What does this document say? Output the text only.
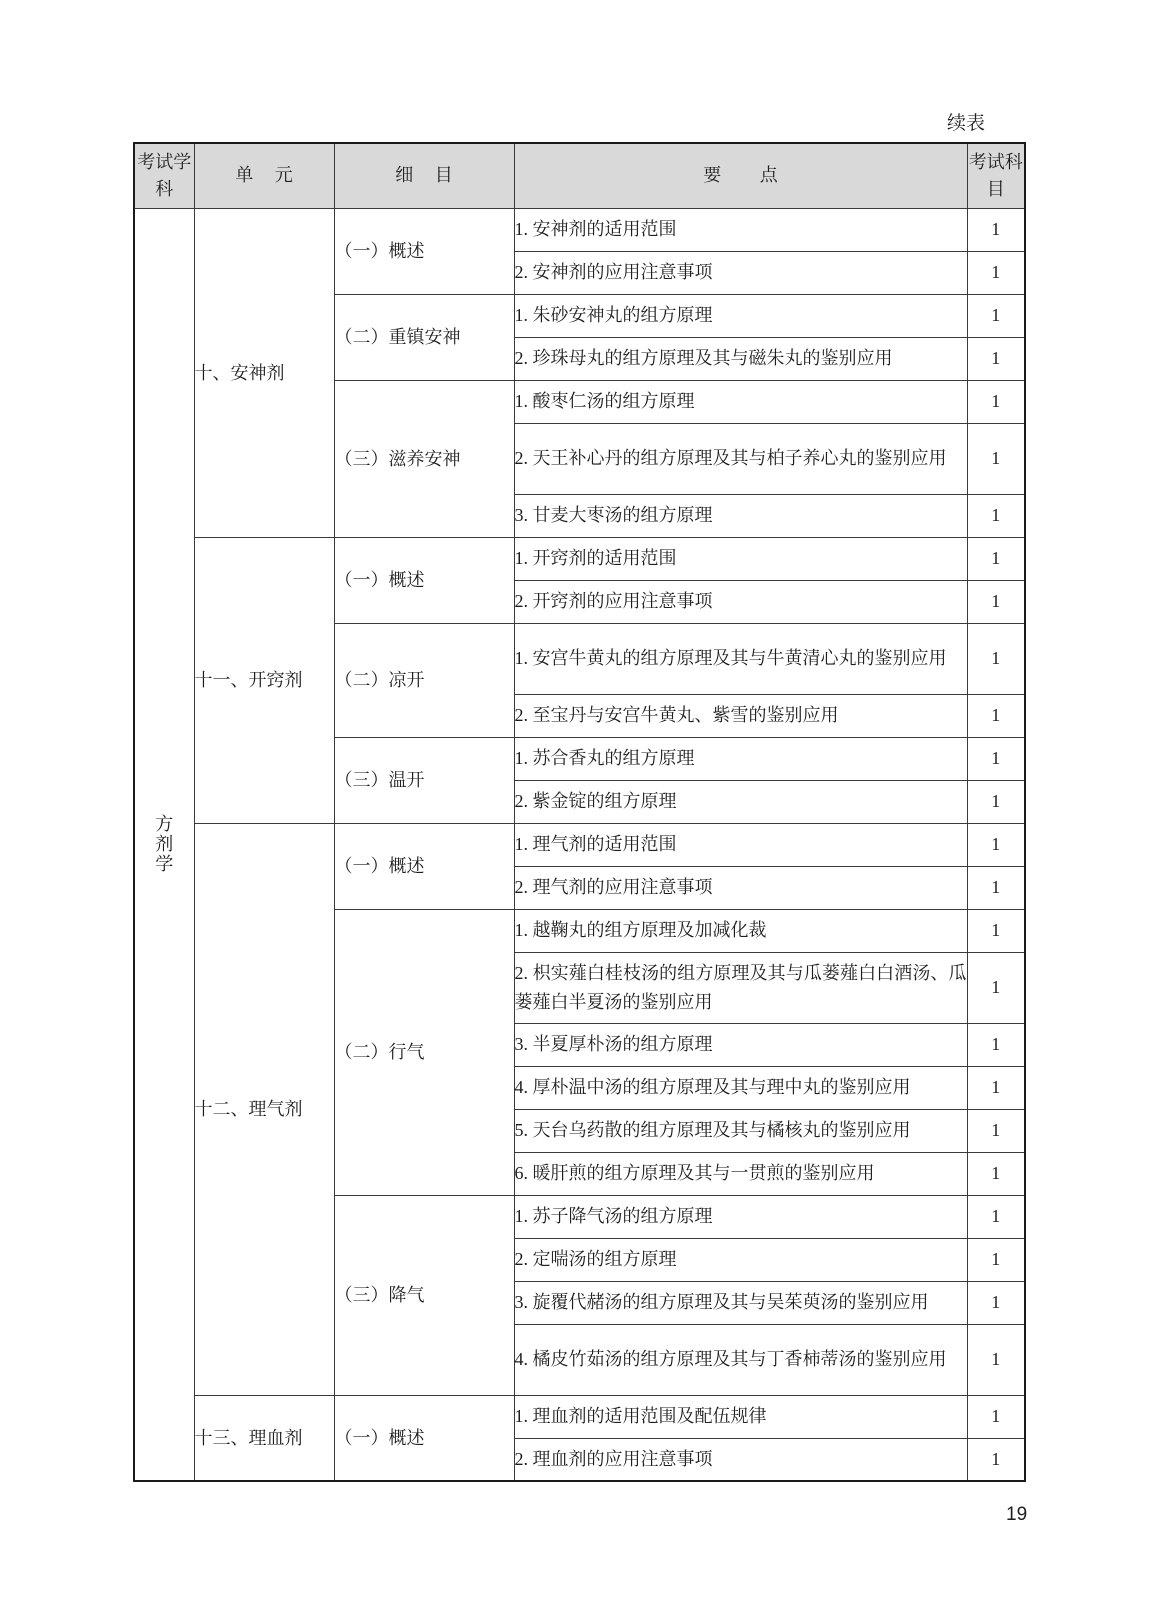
续表
考试学科	单 元	细 目	要 点	考试科目

方剂学	十、安神剂	（一）概述	1. 安神剂的适用范围	1
			2. 安神剂的应用注意事项	1
		（二）重镇安神	1. 朱砂安神丸的组方原理	1
			2. 珍珠母丸的组方原理及其与磁朱丸的鉴别应用	1
		（三）滋养安神	1. 酸枣仁汤的组方原理	1
			2. 天王补心丹的组方原理及其与柏子养心丸的鉴别应用	1
			3. 甘麦大枣汤的组方原理	1
	十一、开窍剂	（一）概述	1. 开窍剂的适用范围	1
			2. 开窍剂的应用注意事项	1
		（二）凉开	1. 安宫牛黄丸的组方原理及其与牛黄清心丸的鉴别应用	1
			2. 至宝丹与安宫牛黄丸、紫雪的鉴别应用	1
		（三）温开	1. 苏合香丸的组方原理	1
			2. 紫金锭的组方原理	1
	十二、理气剂	（一）概述	1. 理气剂的适用范围	1
			2. 理气剂的应用注意事项	1
		（二）行气	1. 越鞠丸的组方原理及加减化裁	1
			2. 枳实薤白桂枝汤的组方原理及其与瓜蒌薤白白酒汤、瓜蒌薤白半夏汤的鉴别应用	1
			3. 半夏厚朴汤的组方原理	1
			4. 厚朴温中汤的组方原理及其与理中丸的鉴别应用	1
			5. 天台乌药散的组方原理及其与橘核丸的鉴别应用	1
			6. 暖肝煎的组方原理及其与一贯煎的鉴别应用	1
		（三）降气	1. 苏子降气汤的组方原理	1
			2. 定喘汤的组方原理	1
			3. 旋覆代赭汤的组方原理及其与吴茱萸汤的鉴别应用	1
			4. 橘皮竹茹汤的组方原理及其与丁香柿蒂汤的鉴别应用	1
	十三、理血剂	（一）概述	1. 理血剂的适用范围及配伍规律	1
			2. 理血剂的应用注意事项	1
19
